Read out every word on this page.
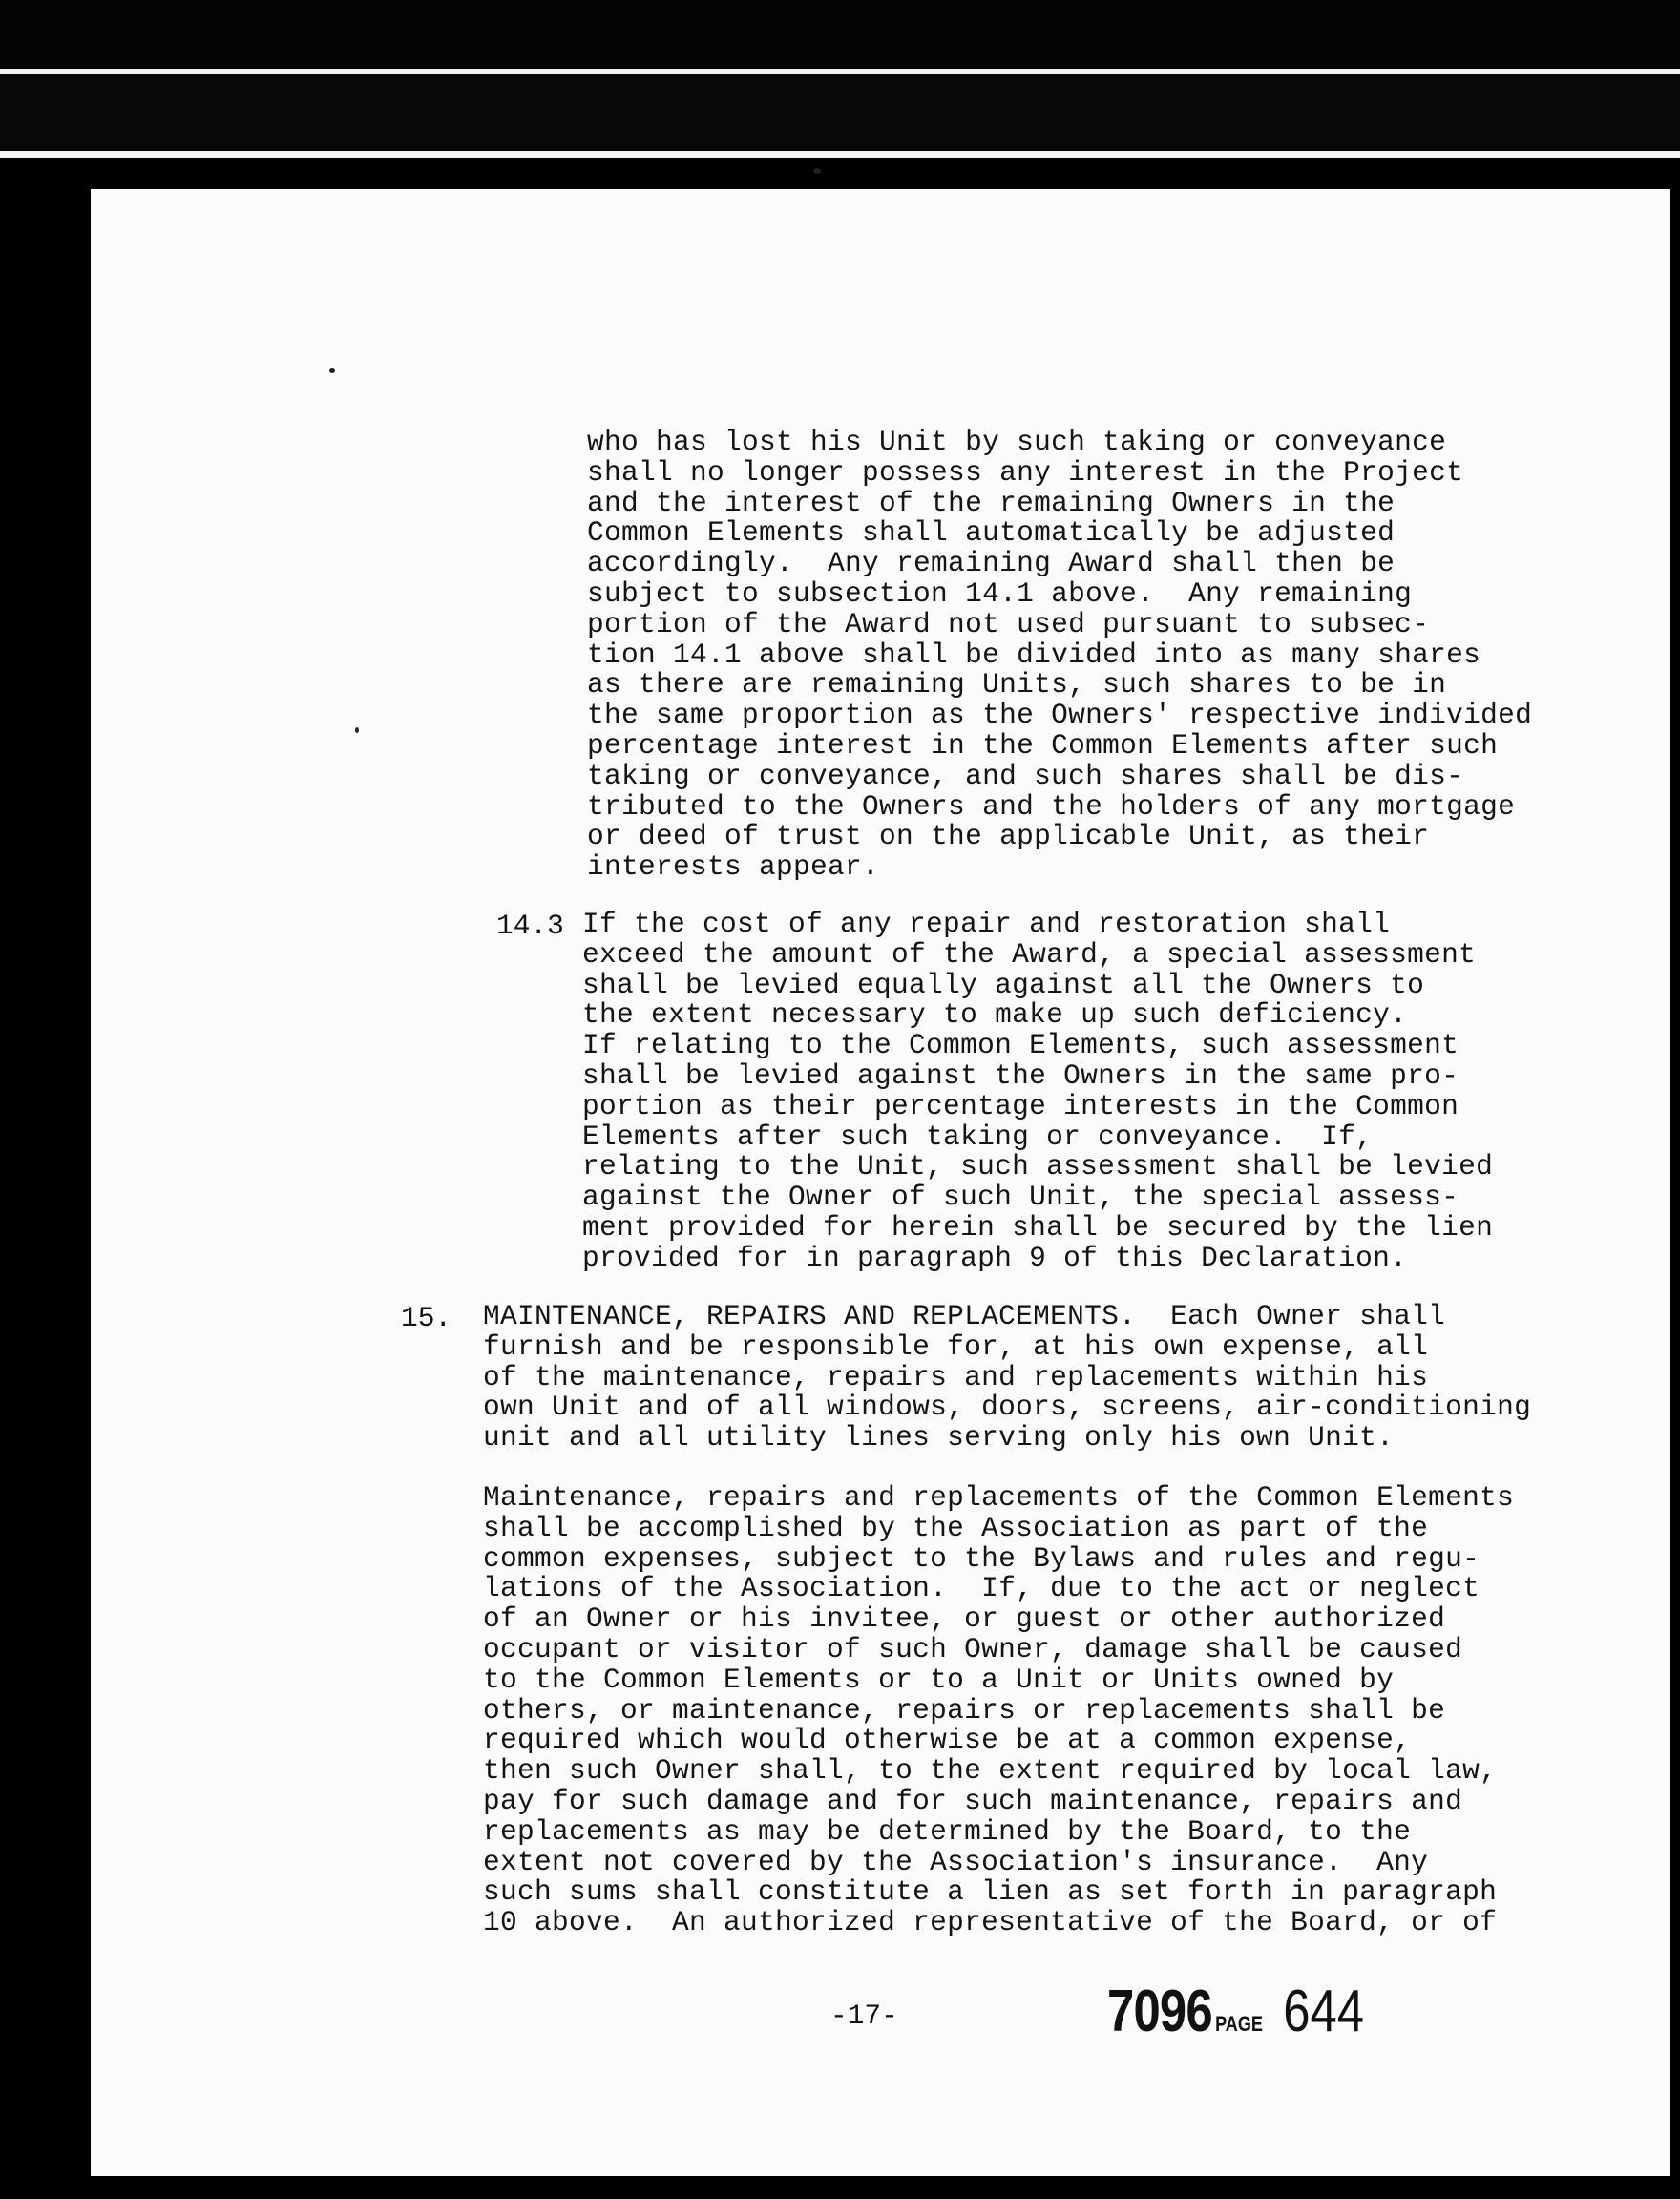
who has lost his Unit by such taking or conveyance
shall no longer possess any interest in the Project
and the interest of the remaining Owners in the
Common Elements shall automatically be adjusted
accordingly.  Any remaining Award shall then be
subject to subsection 14.1 above.  Any remaining
portion of the Award not used pursuant to subsec-
tion 14.1 above shall be divided into as many shares
as there are remaining Units, such shares to be in
the same proportion as the Owners' respective individed
percentage interest in the Common Elements after such
taking or conveyance, and such shares shall be dis-
tributed to the Owners and the holders of any mortgage
or deed of trust on the applicable Unit, as their
interests appear.
14.3 If the cost of any repair and restoration shall
exceed the amount of the Award, a special assessment
shall be levied equally against all the Owners to
the extent necessary to make up such deficiency.
If relating to the Common Elements, such assessment
shall be levied against the Owners in the same pro-
portion as their percentage interests in the Common
Elements after such taking or conveyance.  If,
relating to the Unit, such assessment shall be levied
against the Owner of such Unit, the special assess-
ment provided for herein shall be secured by the lien
provided for in paragraph 9 of this Declaration.
15. MAINTENANCE, REPAIRS AND REPLACEMENTS.  Each Owner shall
furnish and be responsible for, at his own expense, all
of the maintenance, repairs and replacements within his
own Unit and of all windows, doors, screens, air-conditioning
unit and all utility lines serving only his own Unit.
Maintenance, repairs and replacements of the Common Elements
shall be accomplished by the Association as part of the
common expenses, subject to the Bylaws and rules and regu-
lations of the Association.  If, due to the act or neglect
of an Owner or his invitee, or guest or other authorized
occupant or visitor of such Owner, damage shall be caused
to the Common Elements or to a Unit or Units owned by
others, or maintenance, repairs or replacements shall be
required which would otherwise be at a common expense,
then such Owner shall, to the extent required by local law,
pay for such damage and for such maintenance, repairs and
replacements as may be determined by the Board, to the
extent not covered by the Association's insurance.  Any
such sums shall constitute a lien as set forth in paragraph
10 above.  An authorized representative of the Board, or of
-17-	7096 PAGE 644
